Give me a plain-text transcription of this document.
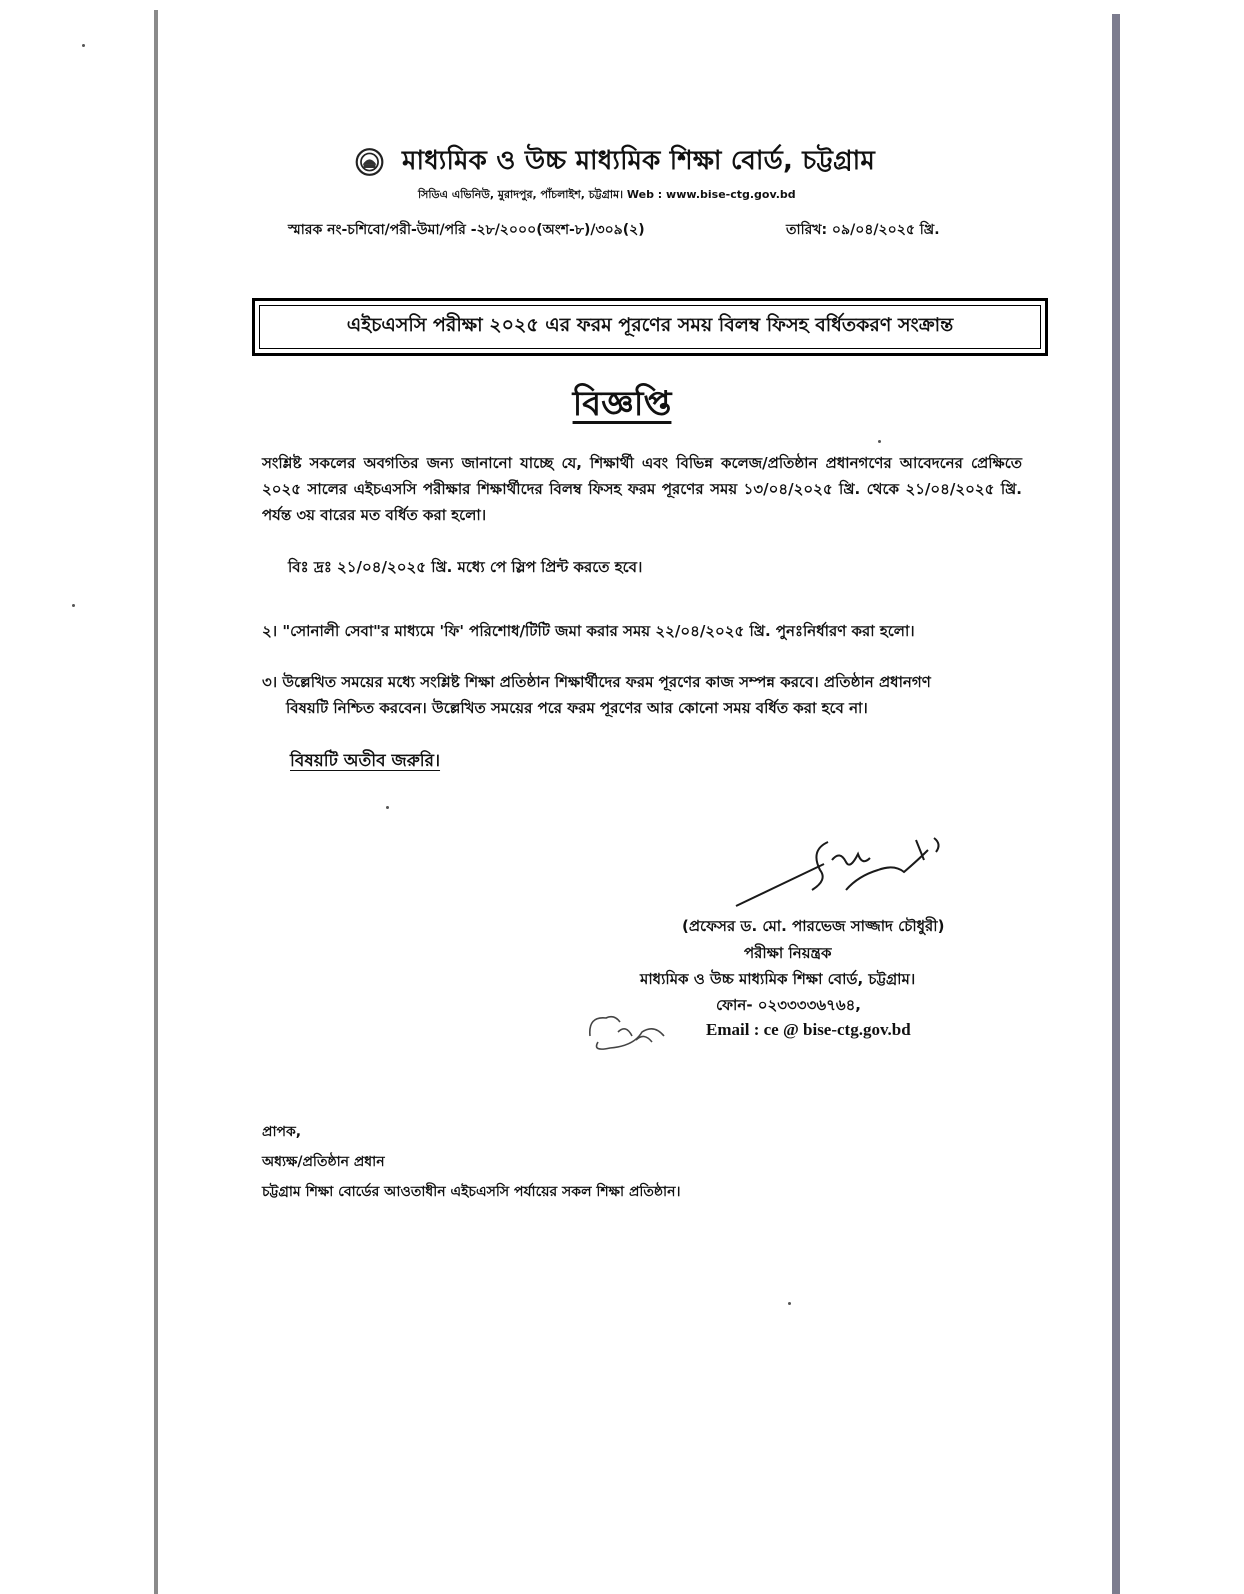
মাধ্যমিক ও উচ্চ মাধ্যমিক শিক্ষা বোর্ড, চট্টগ্রাম
সিডিএ এভিনিউ, মুরাদপুর, পাঁচলাইশ, চট্টগ্রাম। Web : www.bise-ctg.gov.bd
স্মারক নং-চশিবো/পরী-উমা/পরি -২৮/২০০০(অংশ-৮)/৩০৯(২)	তারিখ: ০৯/০৪/২০২৫ খ্রি.
এইচএসসি পরীক্ষা ২০২৫ এর ফরম পূরণের সময় বিলম্ব ফিসহ বর্ধিতকরণ সংক্রান্ত
বিজ্ঞপ্তি
সংশ্লিষ্ট সকলের অবগতির জন্য জানানো যাচ্ছে যে, শিক্ষার্থী এবং বিভিন্ন কলেজ/প্রতিষ্ঠান প্রধানগণের আবেদনের প্রেক্ষিতে ২০২৫ সালের এইচএসসি পরীক্ষার শিক্ষার্থীদের বিলম্ব ফিসহ ফরম পূরণের সময় ১৩/০৪/২০২৫ খ্রি. থেকে ২১/০৪/২০২৫ খ্রি. পর্যন্ত ৩য় বারের মত বর্ধিত করা হলো।
বিঃ দ্রঃ ২১/০৪/২০২৫ খ্রি. মধ্যে পে স্লিপ প্রিন্ট করতে হবে।
২। "সোনালী সেবা"র মাধ্যমে 'ফি' পরিশোধ/টিটি জমা করার সময় ২২/০৪/২০২৫ খ্রি. পুনঃনির্ধারণ করা হলো।
৩। উল্লেখিত সময়ের মধ্যে সংশ্লিষ্ট শিক্ষা প্রতিষ্ঠান শিক্ষার্থীদের ফরম পূরণের কাজ সম্পন্ন করবে। প্রতিষ্ঠান প্রধানগণ
বিষয়টি নিশ্চিত করবেন। উল্লেখিত সময়ের পরে ফরম পূরণের আর কোনো সময় বর্ধিত করা হবে না।
বিষয়টি অতীব জরুরি।
(প্রফেসর ড. মো. পারভেজ সাজ্জাদ চৌধুরী)
পরীক্ষা নিয়ন্ত্রক
মাধ্যমিক ও উচ্চ মাধ্যমিক শিক্ষা বোর্ড, চট্টগ্রাম।
ফোন- ০২৩৩৩৩৬৭৬৪,
Email : ce @ bise-ctg.gov.bd
প্রাপক,
অধ্যক্ষ/প্রতিষ্ঠান প্রধান
চট্টগ্রাম শিক্ষা বোর্ডের আওতাধীন এইচএসসি পর্যায়ের সকল শিক্ষা প্রতিষ্ঠান।
